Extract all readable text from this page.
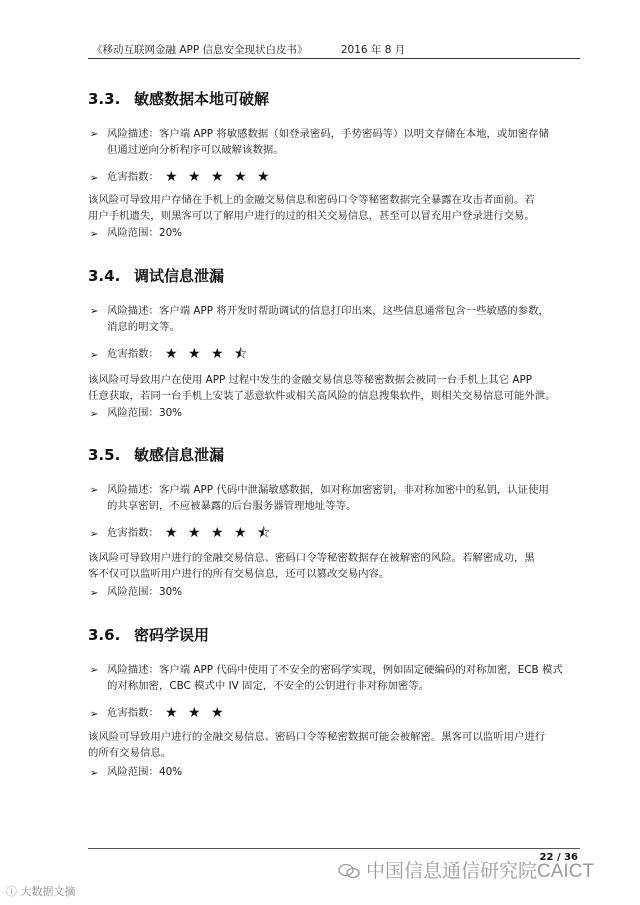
《移动互联网金融 APP 信息安全现状白皮书》	2016 年 8 月
3.3. 敏感数据本地可破解
➢ 风险描述：客户端 APP 将敏感数据（如登录密码，手势密码等）以明文存储在本地，或加密存储
但通过逆向分析程序可以破解该数据。
➢ 危害指数： ★ ★ ★ ★ ★
该风险可导致用户存储在手机上的金融交易信息和密码口令等秘密数据完全暴露在攻击者面前。若
用户手机遗失，则黑客可以了解用户进行的过的相关交易信息，甚至可以冒充用户登录进行交易。
➢ 风险范围：20%
3.4. 调试信息泄漏
➢ 风险描述：客户端 APP 将开发时帮助调试的信息打印出来，这些信息通常包含一些敏感的参数，
消息的明文等。
➢ 危害指数： ★ ★ ★ ⯪
该风险可导致用户在使用 APP 过程中发生的金融交易信息等秘密数据会被同一台手机上其它 APP
任意获取，若同一台手机上安装了恶意软件或相关高风险的信息搜集软件，则相关交易信息可能外泄。
➢ 风险范围：30%
3.5. 敏感信息泄漏
➢ 风险描述：客户端 APP 代码中泄漏敏感数据，如对称加密密钥，非对称加密中的私钥，认证使用
的共享密钥，不应被暴露的后台服务器管理地址等等。
➢ 危害指数： ★ ★ ★ ★ ⯪
该风险可导致用户进行的金融交易信息、密码口令等秘密数据存在被解密的风险。若解密成功，黑
客不仅可以监听用户进行的所有交易信息，还可以篡改交易内容。
➢ 风险范围：30%
3.6. 密码学误用
➢ 风险描述：客户端 APP 代码中使用了不安全的密码学实现，例如固定硬编码的对称加密，ECB 模式
的对称加密，CBC 模式中 IV 固定，不安全的公钥进行非对称加密等。
➢ 危害指数： ★ ★ ★
该风险可导致用户进行的金融交易信息、密码口令等秘密数据可能会被解密。黑客可以监听用户进行
的所有交易信息。
➢ 风险范围：40%
22 / 36
ⓘ 大数据文摘
中国信息通信研究院CAICT
